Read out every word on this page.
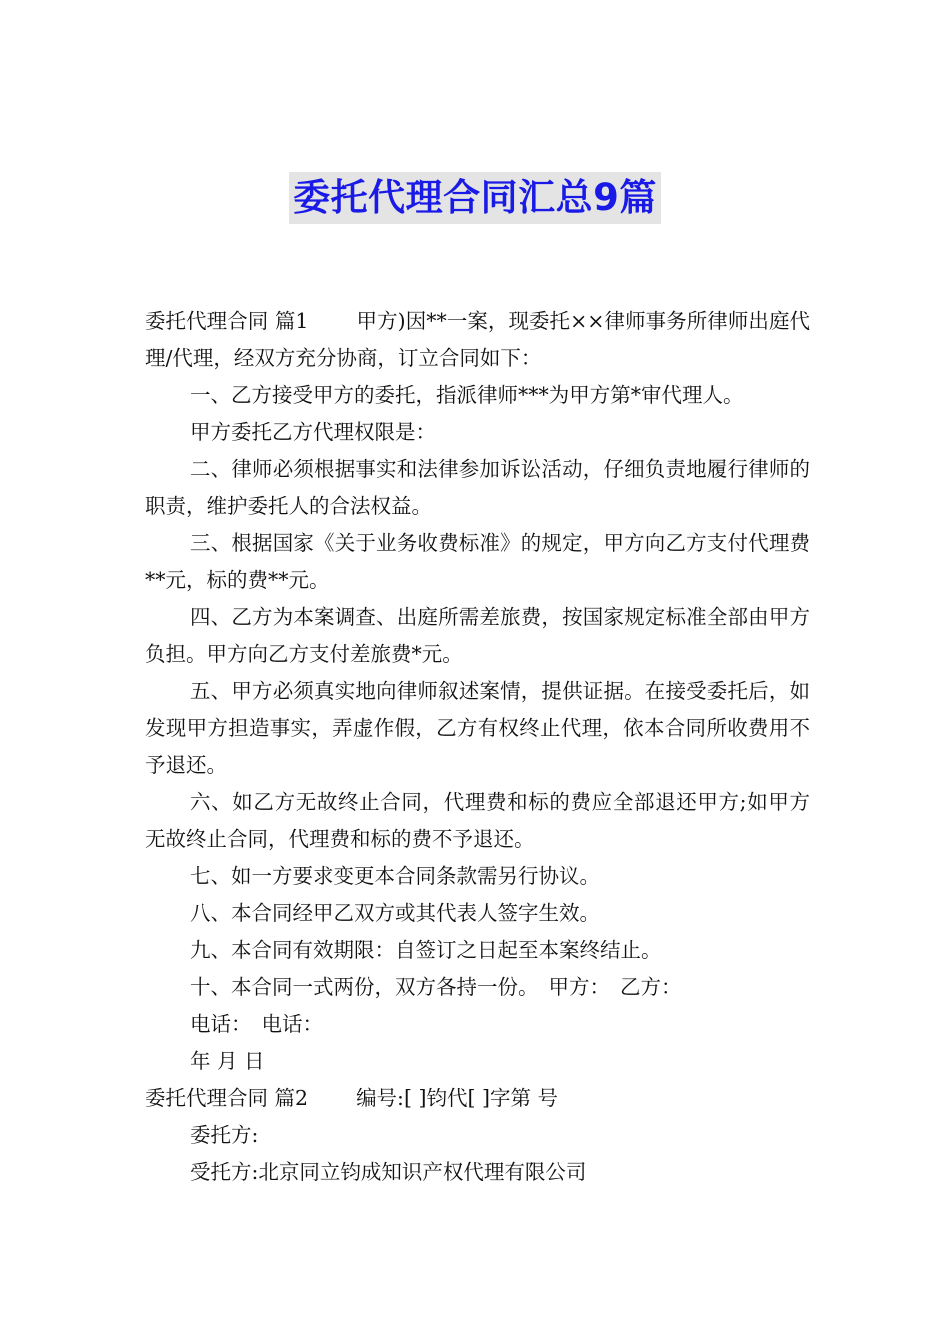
委托代理合同汇总9篇

委托代理合同 篇1 甲方)因**一案，现委托××律师事务所律师出庭代理/代理，经双方充分协商，订立合同如下：

一、乙方接受甲方的委托，指派律师***为甲方第*审代理人。

甲方委托乙方代理权限是：

二、律师必须根据事实和法律参加诉讼活动，仔细负责地履行律师的职责，维护委托人的合法权益。

三、根据国家《关于业务收费标准》的规定，甲方向乙方支付代理费**元，标的费**元。

四、乙方为本案调查、出庭所需差旅费，按国家规定标准全部由甲方负担。甲方向乙方支付差旅费*元。

五、甲方必须真实地向律师叙述案情，提供证据。在接受委托后，如发现甲方担造事实，弄虚作假，乙方有权终止代理，依本合同所收费用不予退还。

六、如乙方无故终止合同，代理费和标的费应全部退还甲方;如甲方无故终止合同，代理费和标的费不予退还。

七、如一方要求变更本合同条款需另行协议。

八、本合同经甲乙双方或其代表人签字生效。

九、本合同有效期限：自签订之日起至本案终结止。

十、本合同一式两份，双方各持一份。 甲方： 乙方：

电话： 电话：

年 月 日

委托代理合同 篇2 编号:[ ]钧代[ ]字第 号

委托方:

受托方:北京同立钧成知识产权代理有限公司
